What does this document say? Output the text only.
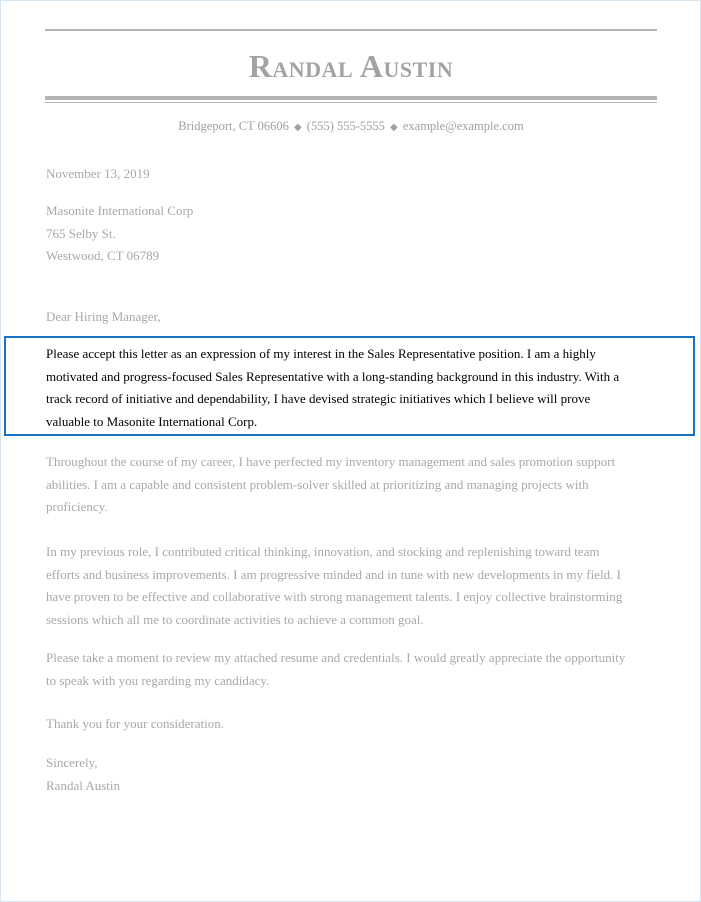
Randal Austin
Bridgeport, CT 06606 ◆ (555) 555-5555 ◆ example@example.com

November 13, 2019

Masonite International Corp
765 Selby St.
Westwood, CT 06789

Dear Hiring Manager,

Please accept this letter as an expression of my interest in the Sales Representative position. I am a highly
motivated and progress-focused Sales Representative with a long-standing background in this industry. With a
track record of initiative and dependability, I have devised strategic initiatives which I believe will prove
valuable to Masonite International Corp.
Throughout the course of my career, I have perfected my inventory management and sales promotion support
abilities. I am a capable and consistent problem-solver skilled at prioritizing and managing projects with
proficiency.
In my previous role, I contributed critical thinking, innovation, and stocking and replenishing toward team
efforts and business improvements. I am progressive minded and in tune with new developments in my field. I
have proven to be effective and collaborative with strong management talents. I enjoy collective brainstorming
sessions which all me to coordinate activities to achieve a common goal.
Please take a moment to review my attached resume and credentials. I would greatly appreciate the opportunity
to speak with you regarding my candidacy.

Thank you for your consideration.

Sincerely,
Randal Austin
